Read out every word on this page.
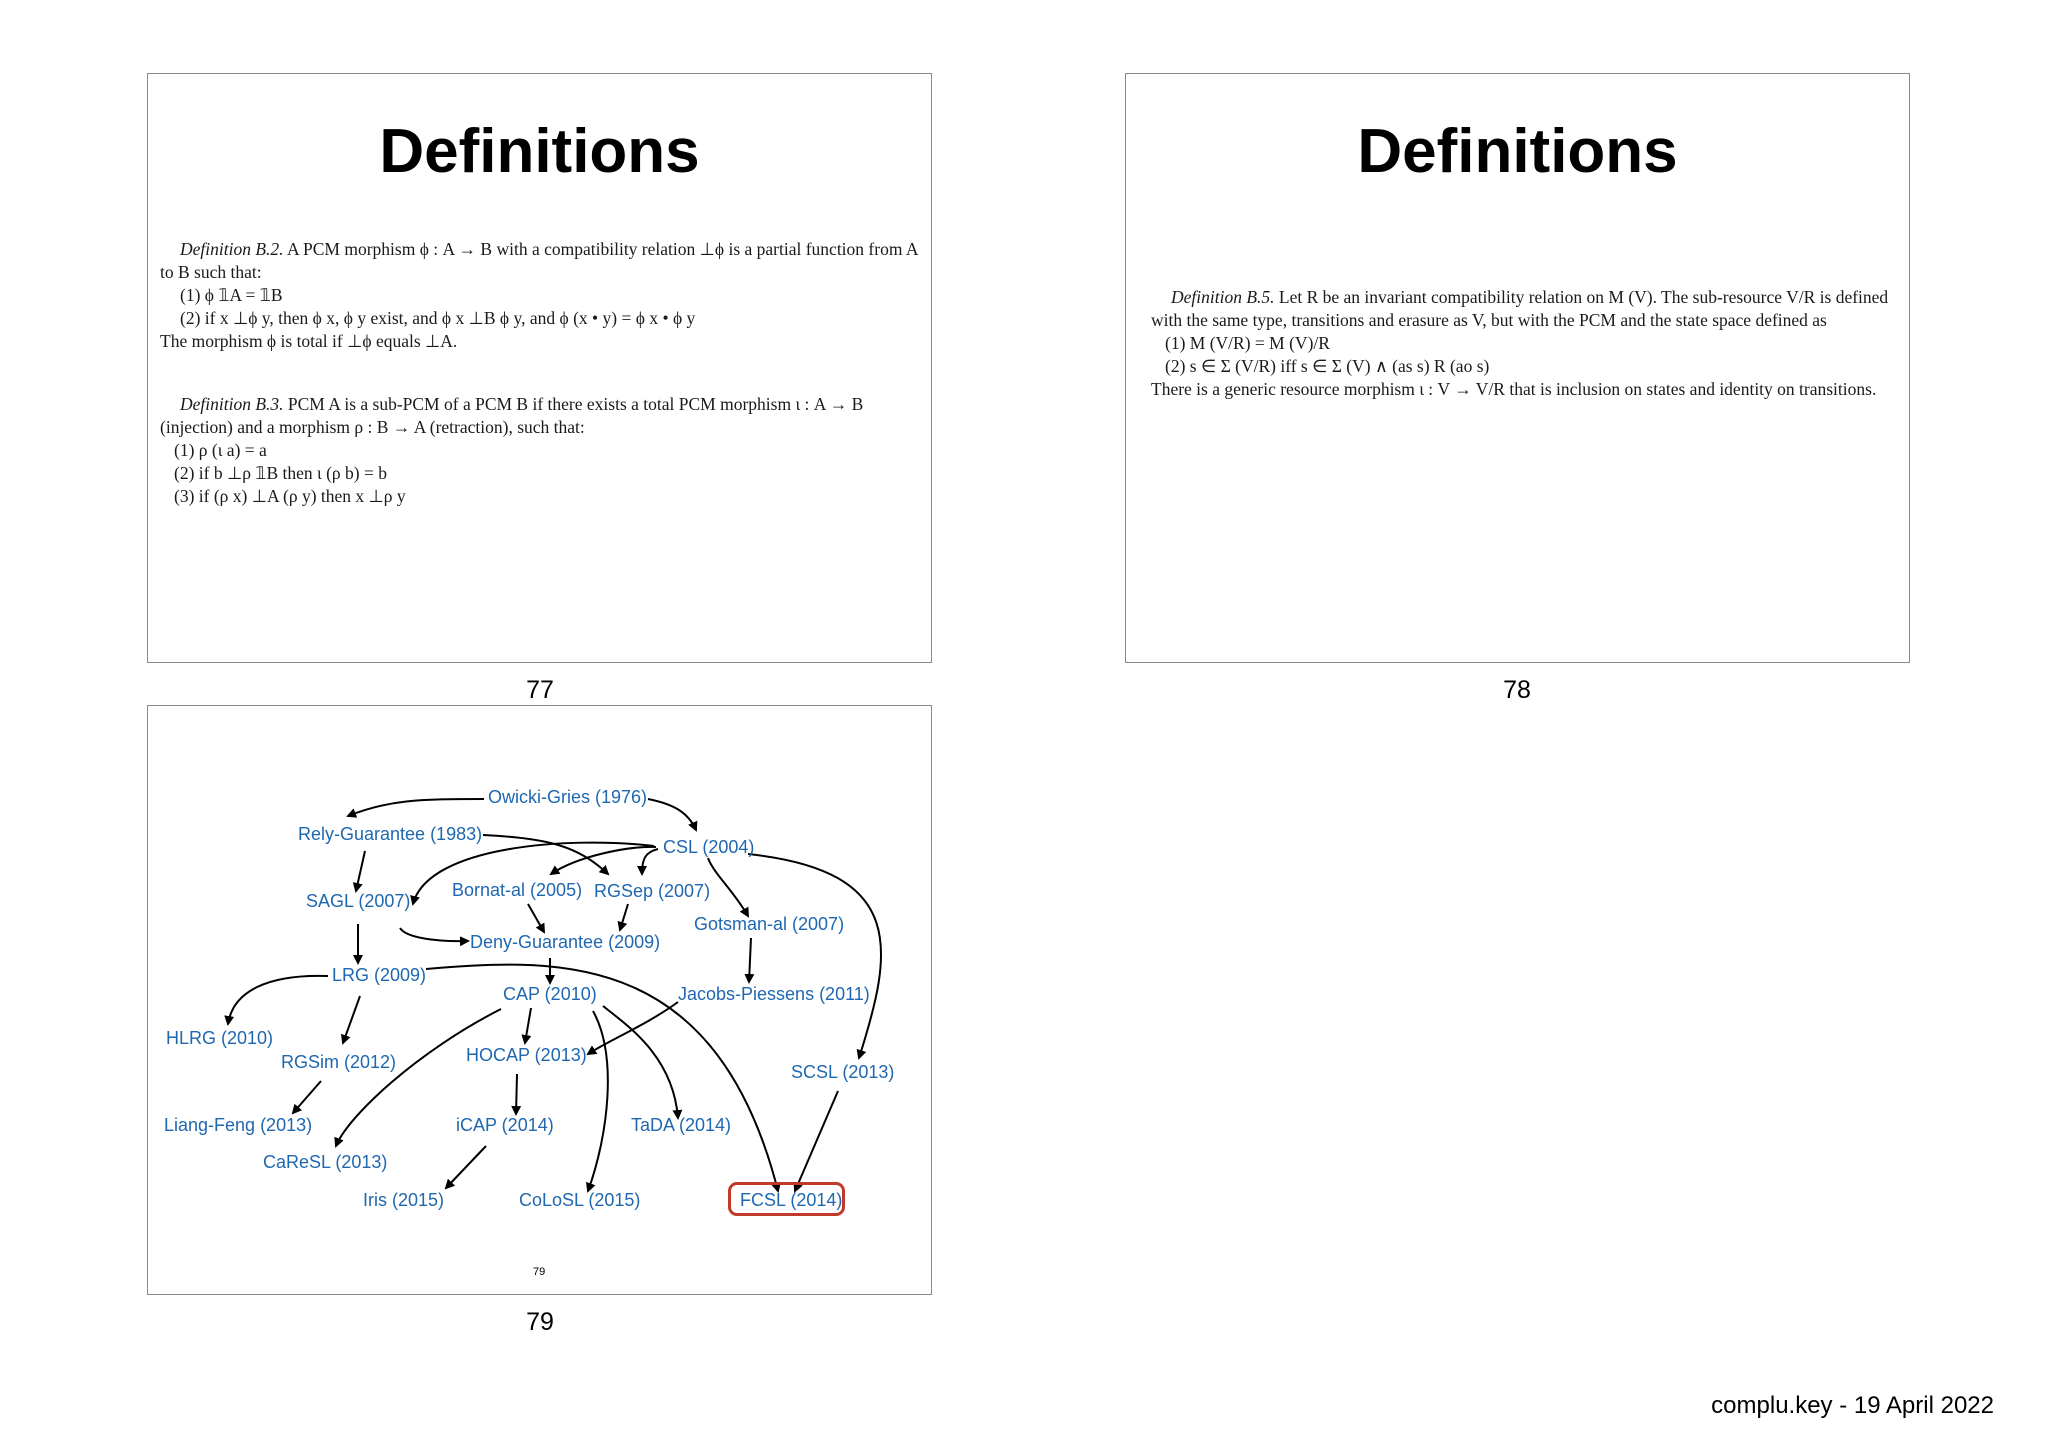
Definitions

Definition B.2. A PCM morphism ϕ : A → B with a compatibility relation ⊥ϕ is a partial function from A to B such that:

(1) ϕ 𝟙A = 𝟙B

(2) if x ⊥ϕ y, then ϕ x, ϕ y exist, and ϕ x ⊥B ϕ y, and ϕ (x • y) = ϕ x • ϕ y

The morphism ϕ is total if ⊥ϕ equals ⊥A.

Definition B.3. PCM A is a sub-PCM of a PCM B if there exists a total PCM morphism ι : A → B (injection) and a morphism ρ : B → A (retraction), such that:

(1) ρ (ι a) = a

(2) if b ⊥ρ 𝟙B then ι (ρ b) = b

(3) if (ρ x) ⊥A (ρ y) then x ⊥ρ y

77
Definitions

Definition B.5. Let R be an invariant compatibility relation on M (V). The sub-resource V/R is defined with the same type, transitions and erasure as V, but with the PCM and the state space defined as

(1) M (V/R) = M (V)/R

(2) s ∈ Σ (V/R) iff s ∈ Σ (V) ∧ (as s) R (ao s)

There is a generic resource morphism ι : V → V/R that is inclusion on states and identity on transitions.

78
Owicki-Gries (1976)
Rely-Guarantee (1983)
CSL (2004)
SAGL (2007)
Bornat-al (2005) RGSep (2007)
Gotsman-al (2007)
Deny-Guarantee (2009)
LRG (2009)
CAP (2010)	Jacobs-Piessens (2011)
HLRG (2010)
RGSim (2012)	HOCAP (2013)
SCSL (2013)
Liang-Feng (2013)	iCAP (2014)	TaDA (2014)
CaReSL (2013)
Iris (2015)	CoLoSL (2015)	FCSL (2014)
79
79
complu.key - 19 April 2022
